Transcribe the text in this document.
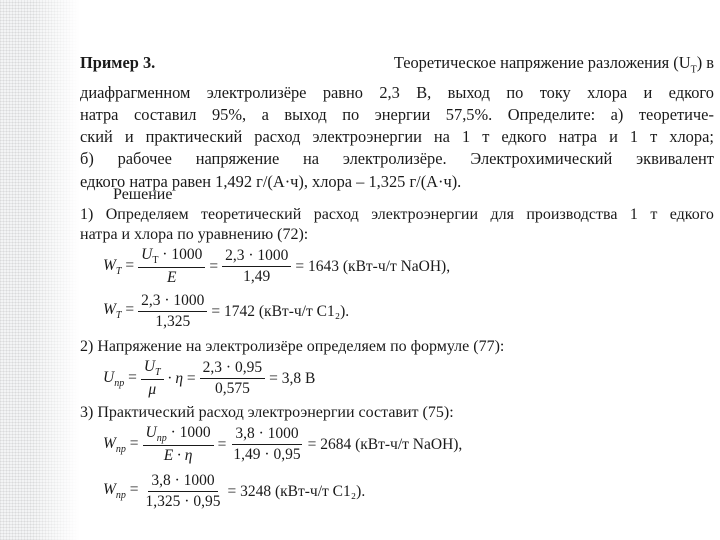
Пример 3.	Теоретическое напряжение разложения $(U_Т)$ в
диафрагменном электролизёре равно 2,3 В, выход по току хлора и едкого
натра составил 95%, а выход по энергии 57,5%. Определите: а) теоретиче-
ский и практический расход электроэнергии на 1 т едкого натра и 1 т хлора;
б) рабочее напряжение на электролизёре. Электрохимический эквивалент
едкого натра равен 1,492 г/(А·ч), хлора – 1,325 г/(А·ч).
Решение
1) Определяем теоретический расход электроэнергии для производства 1 т едкого
натра и хлора по уравнению (72):
$W_T = \frac{U_Т \cdot 1000}{E} = \frac{2,3 \cdot 1000}{1,49} = 1643$ (кВт-ч/т NaOH),
$W_T = \frac{2,3 \cdot 1000}{1,325} = 1742$ (кВт-ч/т С1₂).
2) Напряжение на электролизёре определяем по формуле (77):
$U_{пр} = \frac{U_T}{\mu} \cdot \eta = \frac{2,3 \cdot 0,95}{0,575} = 3,8$ В
3) Практический расход электроэнергии составит (75):
$W_{пр} = \frac{U_{пр} \cdot 1000}{E \cdot \eta} = \frac{3,8 \cdot 1000}{1,49 \cdot 0,95} = 2684$ (кВт-ч/т NaOH),
$W_{пр} = \frac{3,8 \cdot 1000}{1,325 \cdot 0,95} = 3248$ (кВт-ч/т С1₂).
